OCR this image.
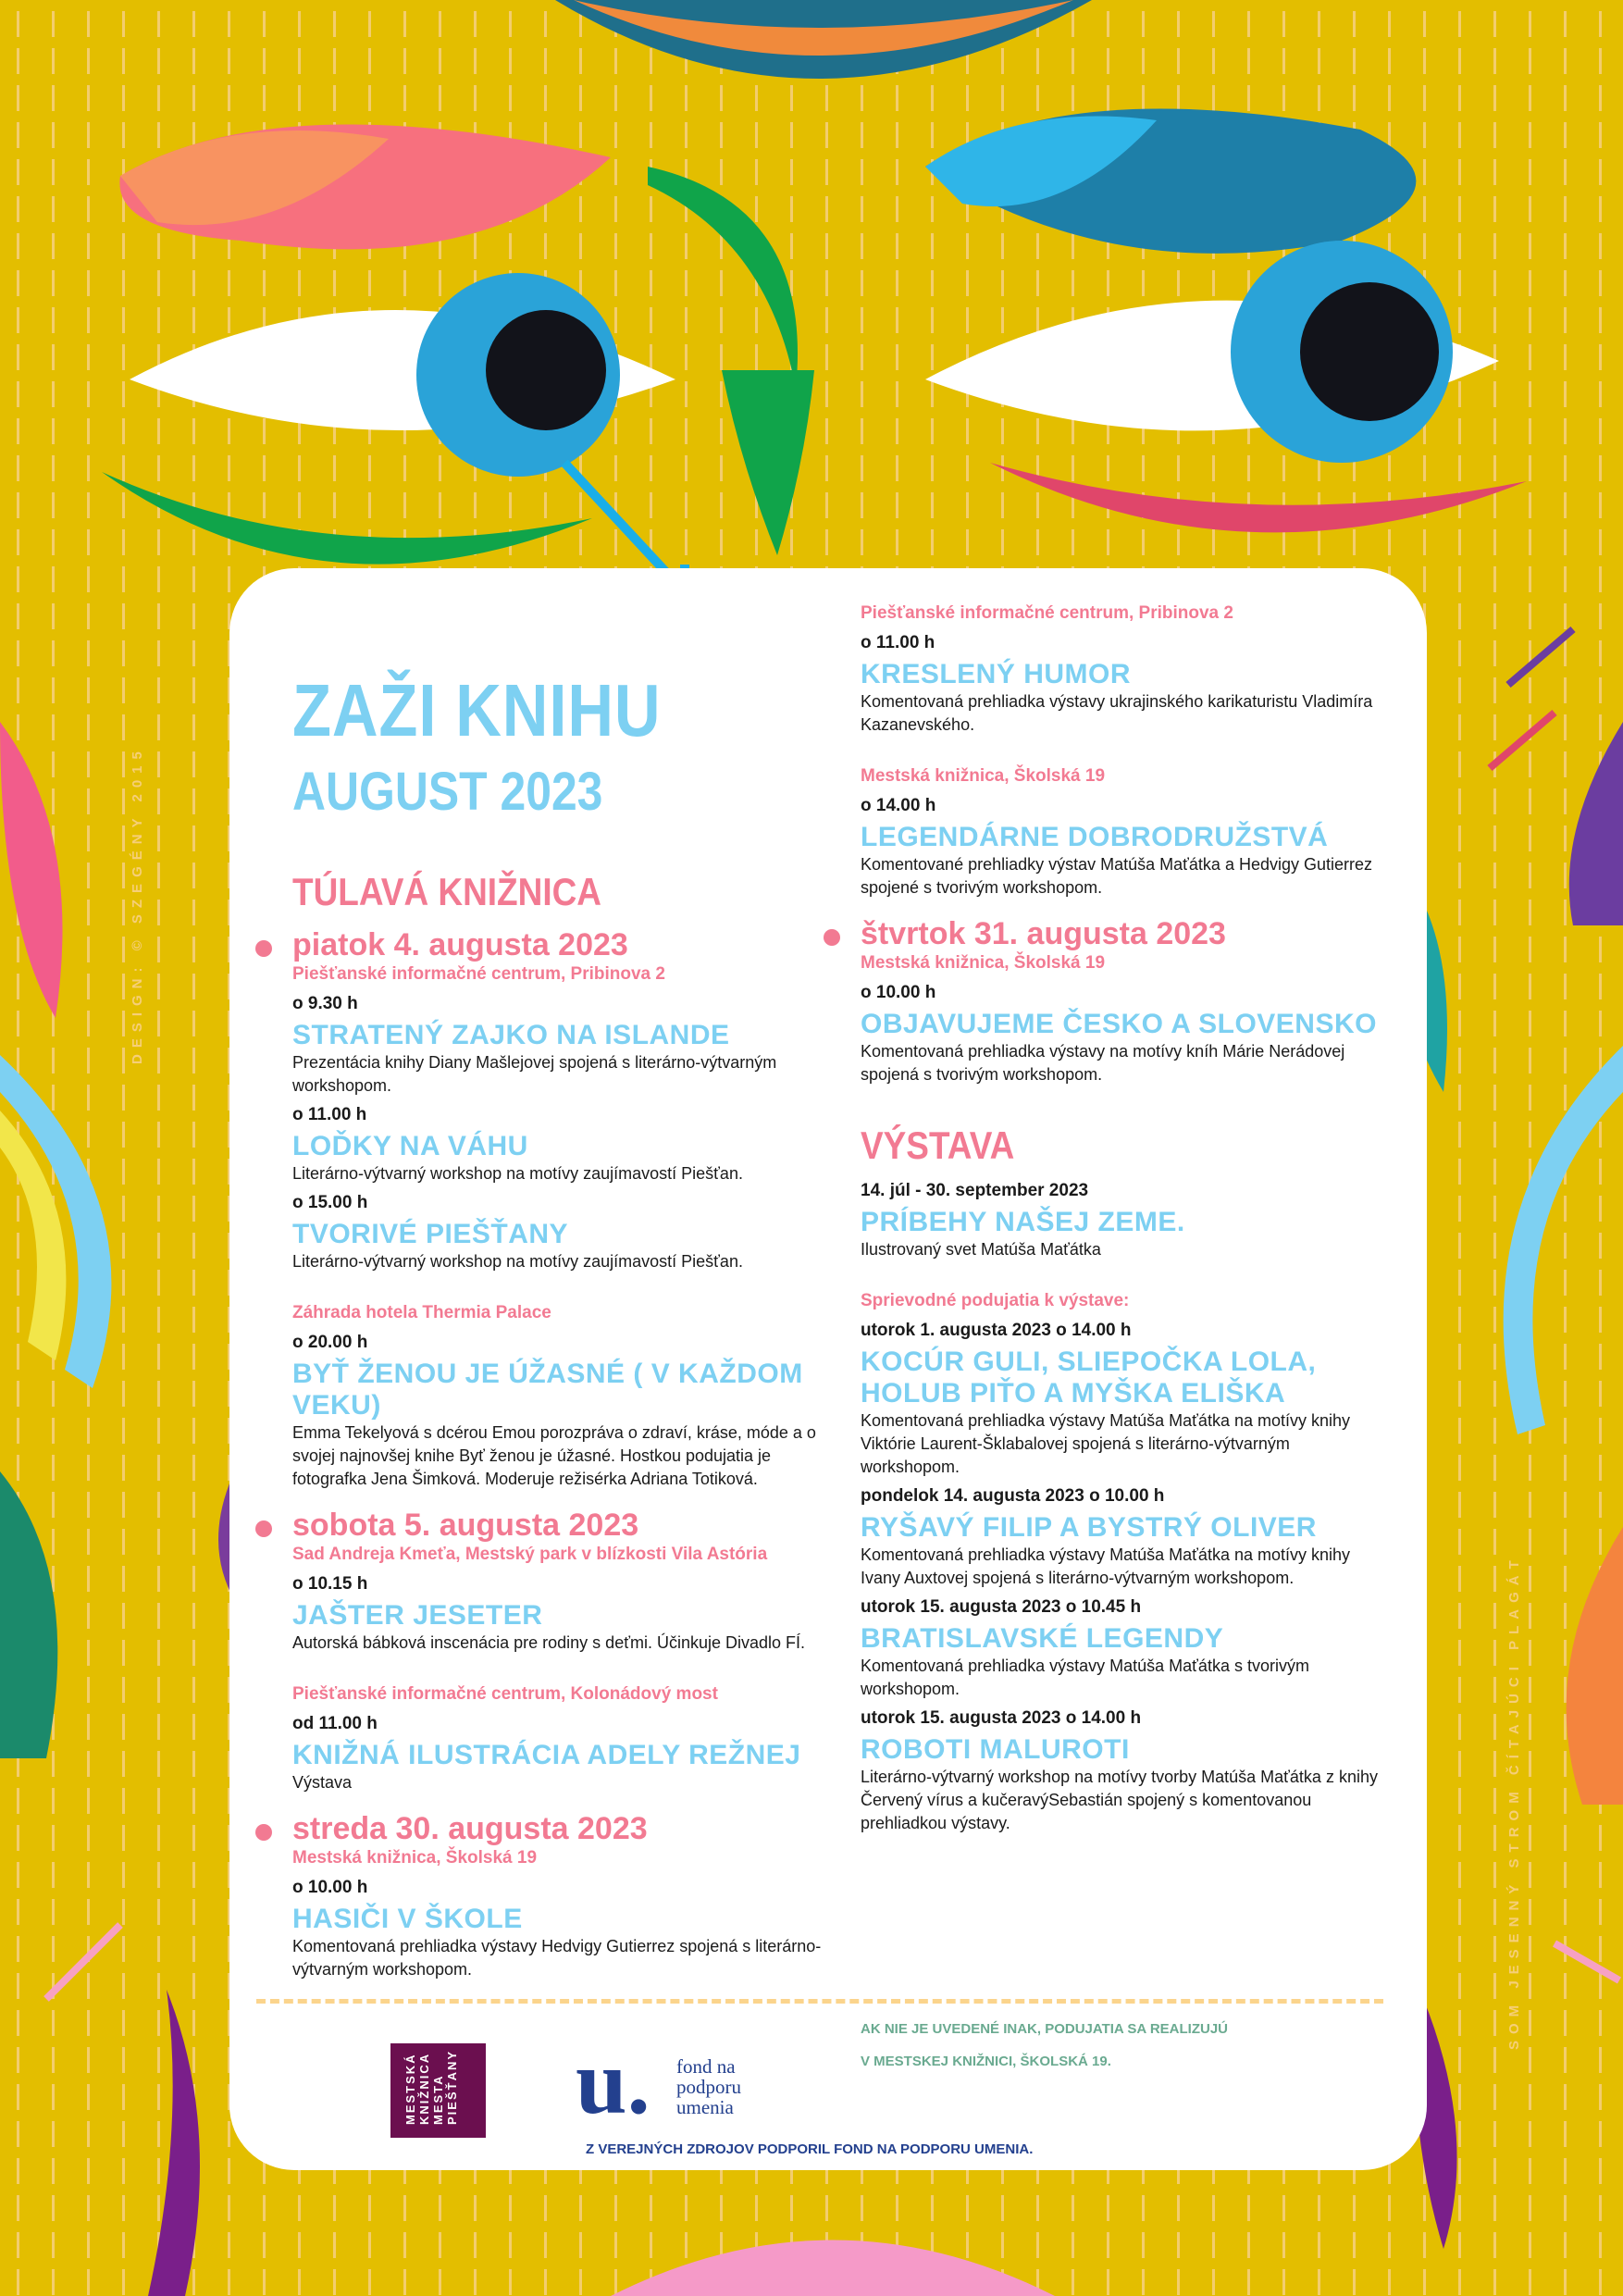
DESIGN: © SZEGÉNY 2015
SOM JESENNÝ STROM ČÍTAJÚCI PLAGÁT
ZAŽI KNIHU
AUGUST 2023
TÚLAVÁ KNIŽNICA
piatok 4. augusta 2023
Piešťanské informačné centrum, Pribinova 2
o 9.30 h
STRATENÝ ZAJKO NA ISLANDE
Prezentácia knihy Diany Mašlejovej spojená s literárno-výtvarným workshopom.
o 11.00 h
LOĎKY NA VÁHU
Literárno-výtvarný workshop na motívy zaujímavostí Piešťan.
o 15.00 h
TVORIVÉ PIEŠŤANY
Literárno-výtvarný workshop na motívy zaujímavostí Piešťan.
Záhrada hotela Thermia Palace
o 20.00 h
BYŤ ŽENOU JE ÚŽASNÉ ( V KAŽDOM VEKU)
Emma Tekelyová s dcérou Emou porozpráva o zdraví, kráse, móde a o svojej najnovšej knihe Byť ženou je úžasné. Hostkou podujatia je fotografka Jena Šimková. Moderuje režisérka Adriana Totiková.
sobota 5. augusta 2023
Sad Andreja Kmeťa, Mestský park v blízkosti Vila Astória
o 10.15 h
JAŠTER JESETER
Autorská bábková inscenácia pre rodiny s deťmi. Účinkuje Divadlo FÍ.
Piešťanské informačné centrum, Kolonádový most
od 11.00 h
KNIŽNÁ ILUSTRÁCIA ADELY REŽNEJ
Výstava
streda 30. augusta 2023
Mestská knižnica, Školská 19
o 10.00 h
HASIČI V ŠKOLE
Komentovaná prehliadka výstavy Hedvigy Gutierrez spojená s literárno-výtvarným workshopom.
Piešťanské informačné centrum, Pribinova 2
o 11.00 h
KRESLENÝ HUMOR
Komentovaná prehliadka výstavy ukrajinského karikaturistu Vladimíra Kazanevského.
Mestská knižnica, Školská 19
o 14.00 h
LEGENDÁRNE DOBRODRUŽSTVÁ
Komentované prehliadky výstav Matúša Maťátka a Hedvigy Gutierrez spojené s tvorivým workshopom.
štvrtok 31. augusta 2023
Mestská knižnica, Školská 19
o 10.00 h
OBJAVUJEME ČESKO A SLOVENSKO
Komentovaná prehliadka výstavy na motívy kníh Márie Nerádovej spojená s tvorivým workshopom.
VÝSTAVA
14. júl - 30. september 2023
PRÍBEHY NAŠEJ ZEME.
Ilustrovaný svet Matúša Maťátka
Sprievodné podujatia k výstave:
utorok 1. augusta 2023 o 14.00 h
KOCÚR GULI, SLIEPOČKA LOLA, HOLUB PIŤO A MYŠKA ELIŠKA
Komentovaná prehliadka výstavy Matúša Maťátka na motívy knihy Viktórie Laurent-Šklabalovej spojená s literárno-výtvarným workshopom.
pondelok 14. augusta 2023 o 10.00 h
RYŠAVÝ FILIP A BYSTRÝ OLIVER
Komentovaná prehliadka výstavy Matúša Maťátka na motívy knihy Ivany Auxtovej spojená s literárno-výtvarným workshopom.
utorok 15. augusta 2023 o 10.45 h
BRATISLAVSKÉ LEGENDY
Komentovaná prehliadka výstavy Matúša Maťátka s tvorivým workshopom.
utorok 15. augusta 2023 o 14.00 h
ROBOTI MALUROTI
Literárno-výtvarný workshop na motívy tvorby Matúša Maťátka z knihy Červený vírus a kučeravýSebastián spojený s komentovanou prehliadkou výstavy.
MESTSKÁ
KNIŽNICA
MESTA
PIEŠŤANY u. fond na podporu umenia
AK NIE JE UVEDENÉ INAK, PODUJATIA SA REALIZUJÚ
V MESTSKEJ KNIŽNICI, ŠKOLSKÁ 19.
Z VEREJNÝCH ZDROJOV PODPORIL FOND NA PODPORU UMENIA.
